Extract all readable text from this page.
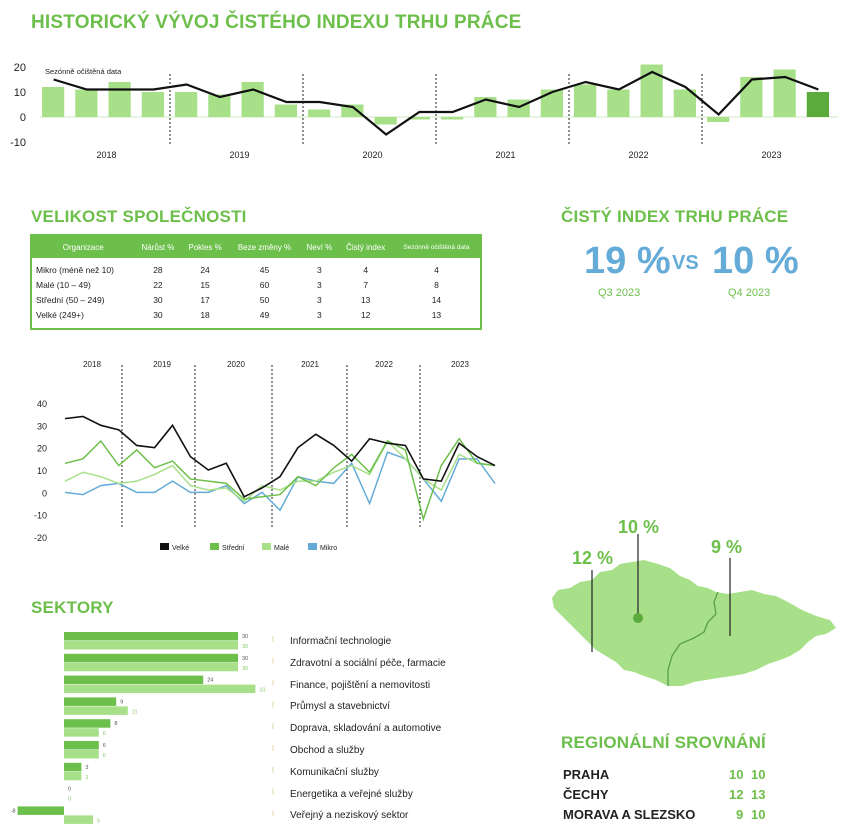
HISTORICKÝ VÝVOJ ČISTÉHO INDEXU TRHU PRÁCE
VELIKOST SPOLEČNOSTI	ČISTÝ INDEX TRHU PRÁCE
SEKTORY
REGIONÁLNÍ SROVNÁNÍ
20
10
0
-10
2018	2019	2020	2021	2022	2023
Sezónně očištěná data
Organizace	Nárůst %	Pokles %	Beze změny %	Neví %	Čistý index	Sezónně očištěná data
Mikro (méně než 10)	28	24	45	3	4	4
Malé (10 – 49)	22	15	60	3	7	8
Střední (50 – 249)	30	17	50	3	13	14
Velké (249+)	30	18	49	3	12	13

19 % VS 10 %
Q3 2023	Q4 2023
40
30
20
10
0
-10
-20
2018	2019	2020	2021	2022	2023
Velké	Střední	Malé	Mikro
30
30
30
30
24
33
9
11
8
6
6
6
3
3
0
0
-8
5
Informační technologie
Zdravotní a sociální péče, farmacie
Finance, pojištění a nemovitosti
Průmysl a stavebnictví
Doprava, skladování a automotive
Obchod a služby
Komunikační služby
Energetika a veřejné služby
Veřejný a neziskový sektor
12 %
10 %
9 %
PRAHA	10 10
ČECHY	12 13
MORAVA A SLEZSKO	9 10
